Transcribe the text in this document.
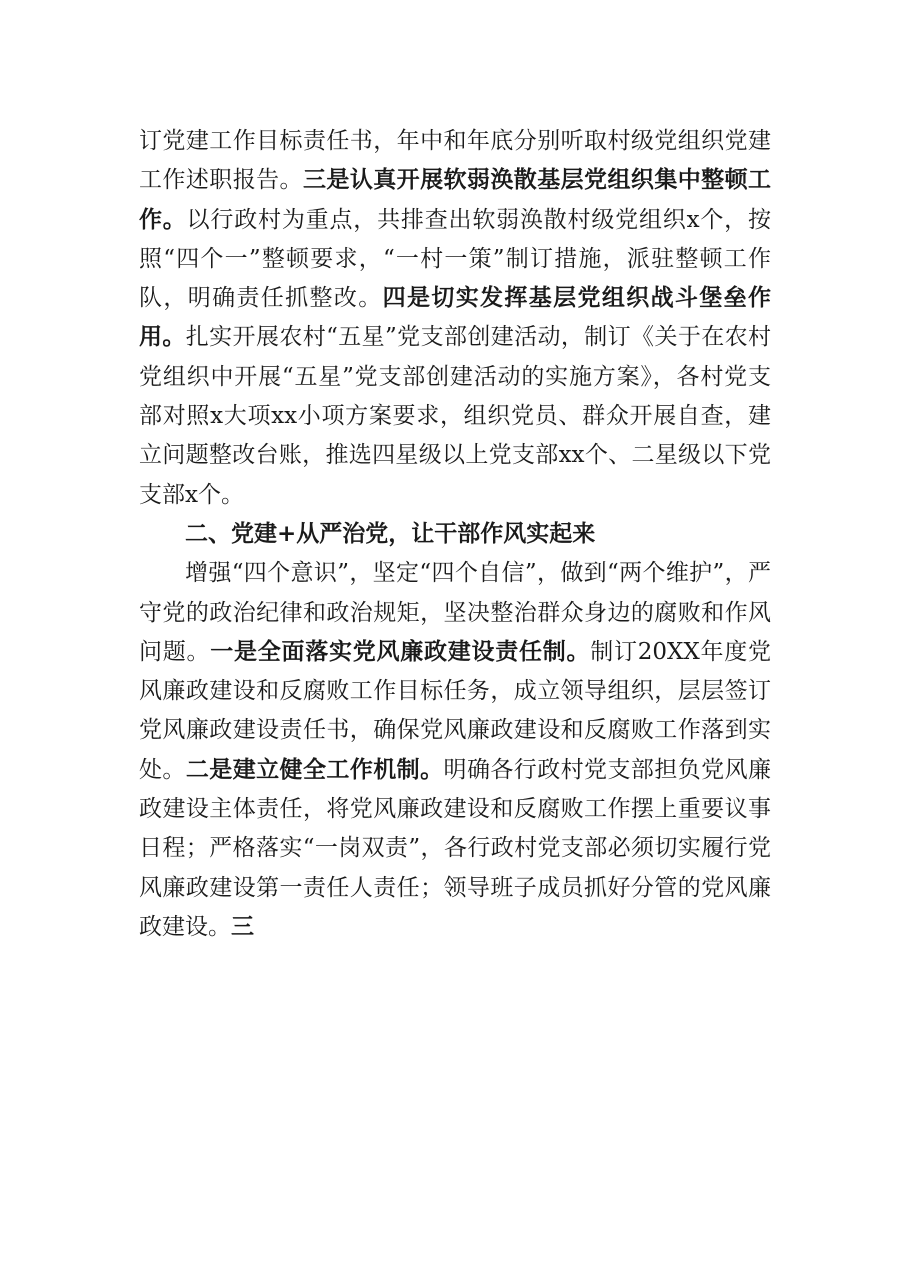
订党建工作目标责任书，年中和年底分别听取村级党组织党建工作述职报告。三是认真开展软弱涣散基层党组织集中整顿工作。以行政村为重点，共排查出软弱涣散村级党组织x个，按照“四个一”整顿要求，“一村一策”制订措施，派驻整顿工作队，明确责任抓整改。四是切实发挥基层党组织战斗堡垒作用。扎实开展农村“五星”党支部创建活动，制订《关于在农村党组织中开展“五星”党支部创建活动的实施方案》，各村党支部对照x大项xx小项方案要求，组织党员、群众开展自查，建立问题整改台账，推选四星级以上党支部xx个、二星级以下党支部x个。

二、党建+从严治党，让干部作风实起来

增强“四个意识”，坚定“四个自信”，做到“两个维护”，严守党的政治纪律和政治规矩，坚决整治群众身边的腐败和作风问题。一是全面落实党风廉政建设责任制。制订20XX年度党风廉政建设和反腐败工作目标任务，成立领导组织，层层签订党风廉政建设责任书，确保党风廉政建设和反腐败工作落到实处。二是建立健全工作机制。明确各行政村党支部担负党风廉政建设主体责任，将党风廉政建设和反腐败工作摆上重要议事日程；严格落实“一岗双责”，各行政村党支部必须切实履行党风廉政建设第一责任人责任；领导班子成员抓好分管的党风廉政建设。三
